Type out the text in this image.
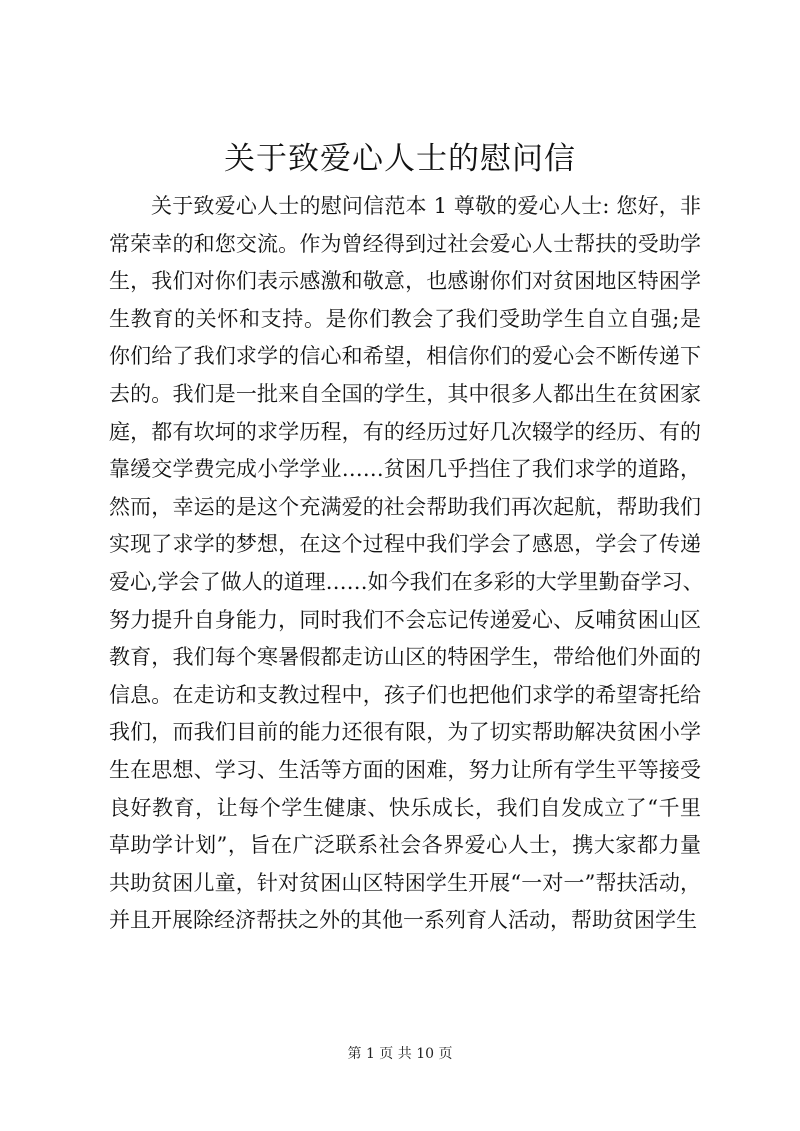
关于致爱心人士的慰问信
关于致爱心人士的慰问信范本 1 尊敬的爱心人士: 您好，非
常荣幸的和您交流。作为曾经得到过社会爱心人士帮扶的受助学
生，我们对你们表示感激和敬意，也感谢你们对贫困地区特困学
生教育的关怀和支持。是你们教会了我们受助学生自立自强;是
你们给了我们求学的信心和希望，相信你们的爱心会不断传递下
去的。我们是一批来自全国的学生，其中很多人都出生在贫困家
庭，都有坎坷的求学历程，有的经历过好几次辍学的经历、有的
靠缓交学费完成小学学业……贫困几乎挡住了我们求学的道路，
然而，幸运的是这个充满爱的社会帮助我们再次起航，帮助我们
实现了求学的梦想，在这个过程中我们学会了感恩，学会了传递
爱心,学会了做人的道理……如今我们在多彩的大学里勤奋学习、
努力提升自身能力，同时我们不会忘记传递爱心、反哺贫困山区
教育，我们每个寒暑假都走访山区的特困学生，带给他们外面的
信息。在走访和支教过程中，孩子们也把他们求学的希望寄托给
我们，而我们目前的能力还很有限，为了切实帮助解决贫困小学
生在思想、学习、生活等方面的困难，努力让所有学生平等接受
良好教育，让每个学生健康、快乐成长，我们自发成立了“千里
草助学计划”，旨在广泛联系社会各界爱心人士，携大家都力量
共助贫困儿童，针对贫困山区特困学生开展“一对一”帮扶活动，
并且开展除经济帮扶之外的其他一系列育人活动，帮助贫困学生
第 1 页 共 10 页
